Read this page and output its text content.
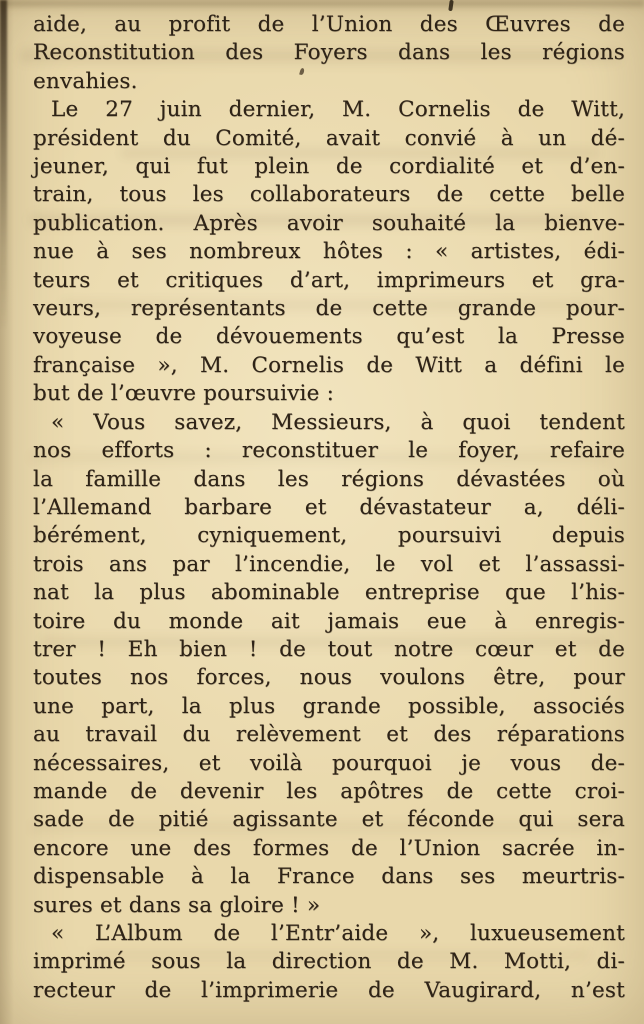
aide, au profit de l’Union des Œuvres de
Reconstitution des Foyers dans les régions
envahies.

Le 27 juin dernier, M. Cornelis de Witt,
président du Comité, avait convié à un dé-
jeuner, qui fut plein de cordialité et d’en-
train, tous les collaborateurs de cette belle
publication. Après avoir souhaité la bienve-
nue à ses nombreux hôtes : « artistes, édi-
teurs et critiques d’art, imprimeurs et gra-
veurs, représentants de cette grande pour-
voyeuse de dévouements qu’est la Presse
française », M. Cornelis de Witt a défini le
but de l’œuvre poursuivie :

« Vous savez, Messieurs, à quoi tendent
nos efforts : reconstituer le foyer, refaire
la famille dans les régions dévastées où
l’Allemand barbare et dévastateur a, déli-
bérément, cyniquement, poursuivi depuis
trois ans par l’incendie, le vol et l’assassi-
nat la plus abominable entreprise que l’his-
toire du monde ait jamais eue à enregis-
trer ! Eh bien ! de tout notre cœur et de
toutes nos forces, nous voulons être, pour
une part, la plus grande possible, associés
au travail du relèvement et des réparations
nécessaires, et voilà pourquoi je vous de-
mande de devenir les apôtres de cette croi-
sade de pitié agissante et féconde qui sera
encore une des formes de l’Union sacrée in-
dispensable à la France dans ses meurtris-
sures et dans sa gloire ! »

« L’Album de l’Entr’aide », luxueusement
imprimé sous la direction de M. Motti, di-
recteur de l’imprimerie de Vaugirard, n’est
